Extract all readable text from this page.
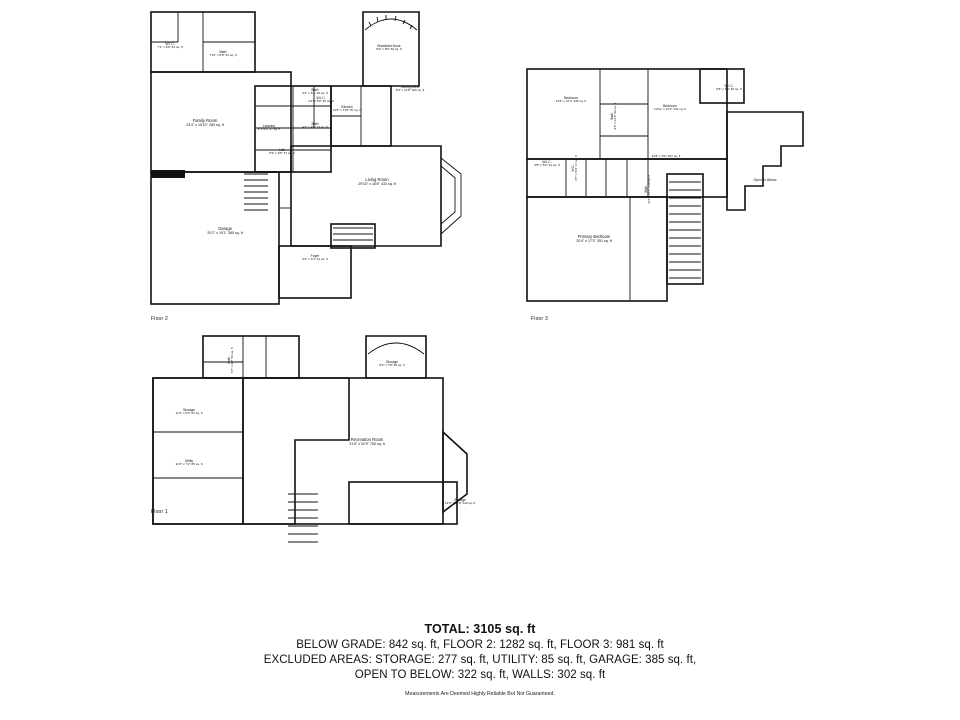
Floor 2
W.I.C.
7'1" x 8'6" 61 sq. ft
Bath
7'10" x 8'8" 64 sq. ft
Family Room
23'4" x 15'10" 285 sq. ft
Bath
4'4" x 6'4" 20 sq. ft
Bath
4'7" x 4'9" 23 sq. ft
W.I.C.
4'2" x 5'8" 20 sq. ft
Kitchen
11'5" x 11'5" 87 sq. ft
Laundry
6' x 4'9" 27 sq. ft
Hall
8'9" x 8'5" 37 sq. ft
Breakfast Nook
8'9" x 8'6" 69 sq. ft
Dining Area
8'4" x 11'5" 100 sq. ft
Living Room
29'10" x 16'8" 433 sq. ft
Garage
20'2" x 19'1" 385 sq. ft
Foyer
6'6" x 4'4" 24 sq. ft
Floor 3
Bedroom
11'6" x 12'3" 135 sq. ft
Bath 5'3" x 11'6" 56 sq. ft	Bedroom
10'11" x 12'3" 131 sq. ft
W.I.C.
6'8" x 6'5" 40 sq. ft
W.I.C.
4'8" x 5'2" 21 sq. ft	W.C. 3'7" x 5'9" 17 sq. ft	24'6" x 9'0" 167 sq. ft
Open To Below
Primary Bedroom
20'4" x 17'3" 351 sq. ft
Bath 9'3" x 17'7" 116 sq. ft
Floor 1
Bath 5'7" x 9'7" 54 sq. ft
Storage
11'5" x 6'3" 57 sq. ft
Utility
11'6" x 7'2" 85 sq. ft
Storage
8'9" x 7'8" 66 sq. ft
Recreation Room
31'5" x 32'9" 750 sq. ft
Storage
14'5" x 12'6" 110 sq. ft
TOTAL: 3105 sq. ft
BELOW GRADE: 842 sq. ft, FLOOR 2: 1282 sq. ft, FLOOR 3: 981 sq. ft
EXCLUDED AREAS: STORAGE: 277 sq. ft, UTILITY: 85 sq. ft, GARAGE: 385 sq. ft,
OPEN TO BELOW: 322 sq. ft, WALLS: 302 sq. ft
Measurements Are Deemed Highly Reliable But Not Guaranteed.
